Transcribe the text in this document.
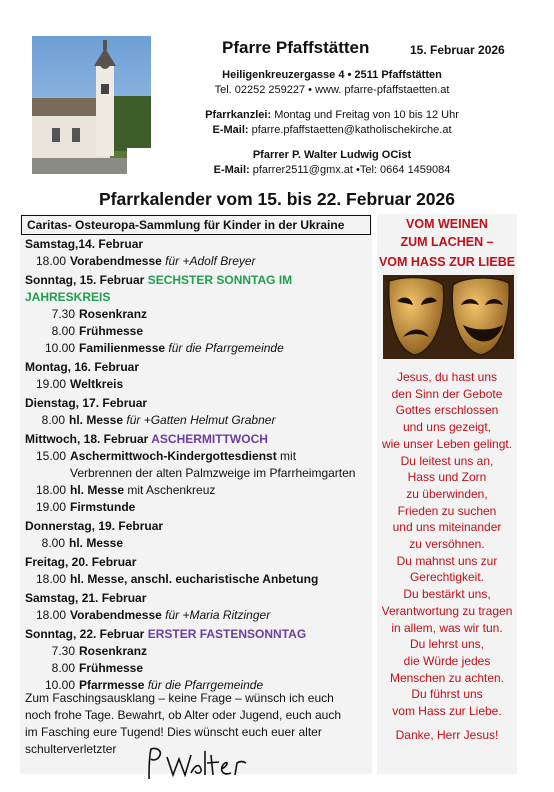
Pfarre Pfaffstätten	15. Februar 2026
Heiligenkreuzergasse 4 • 2511 Pfaffstätten
Tel. 02252 259227 • www. pfarre-pfaffstaetten.at
Pfarrkanzlei: Montag und Freitag von 10 bis 12 Uhr
E-Mail: pfarre.pfaffstaetten@katholischekirche.at
Pfarrer P. Walter Ludwig OCist
E-Mail: pfarrer2511@gmx.at •Tel: 0664 1459084
Pfarrkalender vom 15. bis 22. Februar 2026
Caritas- Osteuropa-Sammlung für Kinder in der Ukraine
Samstag,14. Februar
18.00 Vorabendmesse für +Adolf Breyer
Sonntag, 15. Februar SECHSTER SONNTAG IM JAHRESKREIS
7.30 Rosenkranz
8.00 Frühmesse
10.00 Familienmesse für die Pfarrgemeinde
Montag, 16. Februar
19.00 Weltkreis
Dienstag, 17. Februar
8.00 hl. Messe für +Gatten Helmut Grabner
Mittwoch, 18. Februar ASCHERMITTWOCH
15.00 Aschermittwoch-Kindergottesdienst mit
Verbrennen der alten Palmzweige im Pfarrheimgarten
18.00 hl. Messe mit Aschenkreuz
19.00 Firmstunde
Donnerstag, 19. Februar
8.00 hl. Messe
Freitag, 20. Februar
18.00 hl. Messe, anschl. eucharistische Anbetung
Samstag, 21. Februar
18.00 Vorabendmesse für +Maria Ritzinger
Sonntag, 22. Februar ERSTER FASTENSONNTAG
7.30 Rosenkranz
8.00 Frühmesse
10.00 Pfarrmesse für die Pfarrgemeinde
Zum Faschingsausklang – keine Frage – wünsch ich euch
noch frohe Tage. Bewahrt, ob Alter oder Jugend, euch auch
im Fasching eure Tugend! Dies wünscht euch euer alter
schulterverletzter
VOM WEINEN
ZUM LACHEN –
VOM HASS ZUR LIEBE
Jesus, du hast uns
den Sinn der Gebote
Gottes erschlossen
und uns gezeigt,
wie unser Leben gelingt.
Du leitest uns an,
Hass und Zorn
zu überwinden,
Frieden zu suchen
und uns miteinander
zu versöhnen.
Du mahnst uns zur
Gerechtigkeit.
Du bestärkt uns,
Verantwortung zu tragen
in allem, was wir tun.
Du lehrst uns,
die Würde jedes
Menschen zu achten.
Du führst uns
vom Hass zur Liebe.
Danke, Herr Jesus!
